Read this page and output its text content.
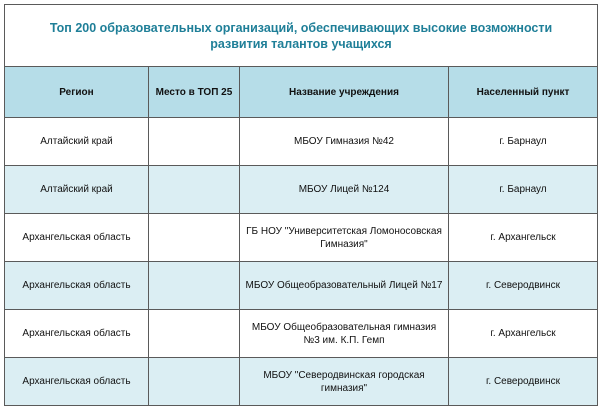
Топ 200 образовательных организаций, обеспечивающих высокие возможности
развития талантов учащихся			

Регион	Место в ТОП 25	Название учреждения	Населенный пункт
Алтайский край		МБОУ Гимназия №42	г. Барнаул
Алтайский край		МБОУ Лицей №124	г. Барнаул
Архангельская область		ГБ НОУ "Университетская Ломоносовская Гимназия"	г. Архангельск
Архангельская область		МБОУ Общеобразовательный Лицей №17	г. Северодвинск
Архангельская область		МБОУ Общеобразовательная гимназия №3 им. К.П. Гемп	г. Архангельск
Архангельская область		МБОУ "Северодвинская городская гимназия"	г. Северодвинск
